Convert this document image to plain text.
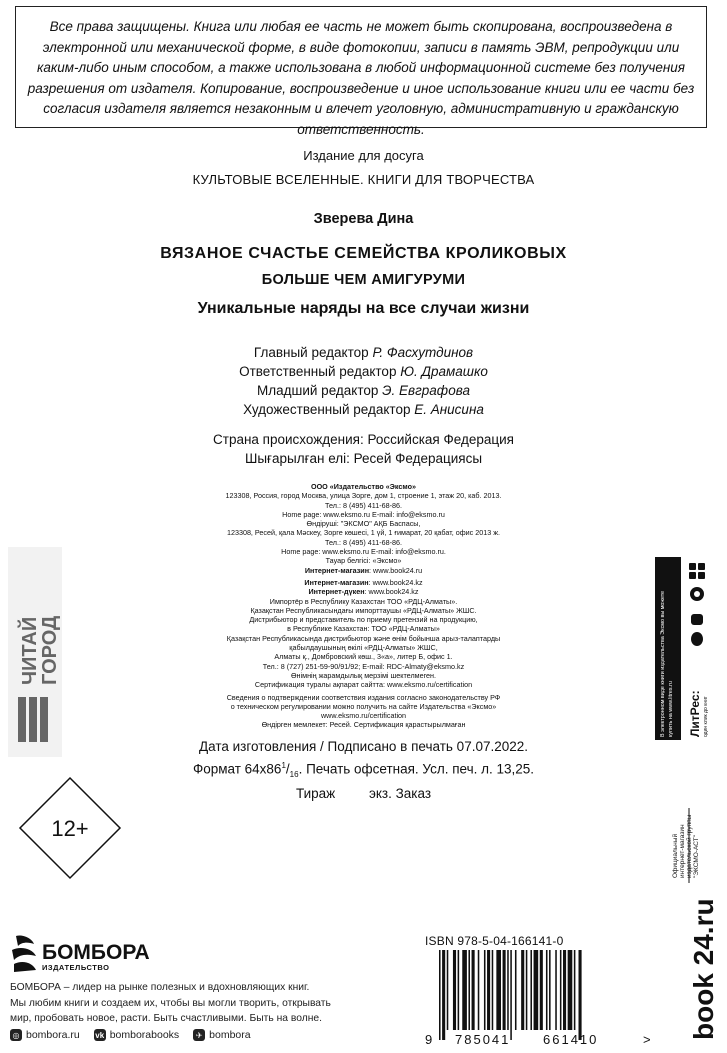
Все права защищены. Книга или любая ее часть не может быть скопирована, воспроизведена в электронной или механической форме, в виде фотокопии, записи в память ЭВМ, репродукции или каким-либо иным способом, а также использована в любой информационной системе без получения разрешения от издателя. Копирование, воспроизведение и иное использование книги или ее части без согласия издателя является незаконным и влечет уголовную, административную и гражданскую ответственность.
Издание для досуга
КУЛЬТОВЫЕ ВСЕЛЕННЫЕ. КНИГИ ДЛЯ ТВОРЧЕСТВА
Зверева Дина
ВЯЗАНОЕ СЧАСТЬЕ СЕМЕЙСТВА КРОЛИКОВЫХ
БОЛЬШЕ ЧЕМ АМИГУРУМИ
Уникальные наряды на все случаи жизни
Главный редактор Р. Фасхутдинов
Ответственный редактор Ю. Драмашко
Младший редактор Э. Евграфова
Художественный редактор Е. Анисина
Страна происхождения: Российская Федерация
Шығарылған елі: Ресей Федерациясы
ООО «Издательство «Эксмо»
123308, Россия, город Москва, улица Зорге, дом 1, строение 1, этаж 20, каб. 2013.
Тел.: 8 (495) 411-68-86.
Home page: www.eksmo.ru E-mail: info@eksmo.ru
Өндіруші: "ЭКСМО" АҚБ Баспасы,
123308, Ресей, қала Мәскеу, Зорге көшесі, 1 үй, 1 ғимарат, 20 қабат, офис 2013 ж.
Тел.: 8 (495) 411-68-86.
Home page: www.eksmo.ru E-mail: info@eksmo.ru.
Тауар белгісі: «Эксмо»
Интернет-магазин: www.book24.ru
Интернет-магазин: www.book24.kz
Интернет-дүкен: www.book24.kz
Импортёр в Республику Казахстан ТОО «РДЦ-Алматы».
Қазақстан Республикасындағы импорттаушы «РДЦ-Алматы» ЖШС.
Дистрибьютор и представитель по приему претензий на продукцию,
в Республике Казахстан: ТОО «РДЦ-Алматы»
Қазақстан Республикасында дистрибьютор және өнім бойынша арыз-талаптарды
қабылдаушының өкілі «РДЦ-Алматы» ЖШС,
Алматы қ., Домбровский көш., 3«а», литер Б, офис 1.
Тел.: 8 (727) 251-59-90/91/92; E-mail: RDC-Almaty@eksmo.kz
Өнімнің жарамдылық мерзімі шектелмеген.
Сертификация туралы ақпарат сайтта: www.eksmo.ru/certification
Сведения о подтверждении соответствия издания согласно законодательству РФ
о техническом регулировании можно получить на сайте Издательства «Эксмо»
www.eksmo.ru/certification
Өндірген мемлекет: Ресей. Сертификация қарастырылмаған
Дата изготовления / Подписано в печать 07.07.2022.
Формат $64х86^1/_{16}$. Печать офсетная. Усл. печ. л. 13,25.
Тираж         экз. Заказ
ЧИТАЙ
ГОРОД	В электронном виде книги издательства Эксмо вы можете купить на www.litres.ru ЛитРес: один клик до книг
12+
Официальный интернет-магазин издательской группы "ЭКСМО-АСТ"
book 24.ru
БОМБОРА
ИЗДАТЕЛЬСТВО
БОМБОРА – лидер на рынке полезных и вдохновляющих книг.
Мы любим книги и создаем их, чтобы вы могли творить, открывать
мир, пробовать новое, расти. Быть счастливыми. Быть на волне.
◎ bombora.ru vk bomborabooks	✈ bombora
ISBN 978-5-04-166141-0
9 785041	661410	>
